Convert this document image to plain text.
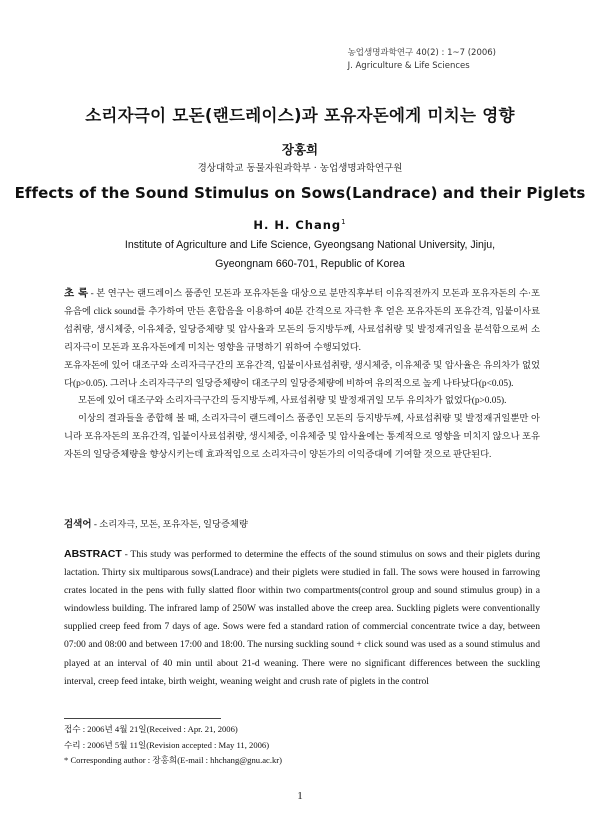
농업생명과학연구 40(2) : 1~7 (2006)
J. Agriculture & Life Sciences
소리자극이 모돈(랜드레이스)과 포유자돈에게 미치는 영향
장홍희
경상대학교 동물자원과학부 · 농업생명과학연구원
Effects of the Sound Stimulus on Sows(Landrace) and their Piglets
H. H. Chang$^1$
Institute of Agriculture and Life Science, Gyeongsang National University, Jinju,
Gyeongnam 660-701, Republic of Korea

초 록 - 본 연구는 랜드레이스 품종인 모돈과 포유자돈을 대상으로 분만직후부터 이유직전까지 모돈과 포유자돈의 수·포유음에 click sound를 추가하여 만든 혼합음을 이용하여 40분 간격으로 자극한 후 얻은 포유자돈의 포유간격, 입붙이사료섭취량, 생시체중, 이유체중, 일당증체량 및 압사율과 모돈의 등지방두께, 사료섭취량 및 발정재귀일을 분석함으로써 소리자극이 모돈과 포유자돈에게 미치는 영향을 규명하기 위하여 수행되었다.

포유자돈에 있어 대조구와 소리자극구간의 포유간격, 입붙이사료섭취량, 생시체중, 이유체중 및 압사율은 유의차가 없었다(p>0.05). 그러나 소리자극구의 일당증체량이 대조구의 일당증체량에 비하여 유의적으로 높게 나타났다(p<0.05).

모돈에 있어 대조구와 소리자극구간의 등지방두께, 사료섭취량 및 발정재귀일 모두 유의차가 없었다(p>0.05).

이상의 결과들을 종합해 볼 때, 소리자극이 랜드레이스 품종인 모돈의 등지방두께, 사료섭취량 및 발정재귀일뿐만 아니라 포유자돈의 포유간격, 입붙이사료섭취량, 생시체중, 이유체중 및 압사율에는 통계적으로 영향을 미치지 않으나 포유자돈의 일당증체량을 향상시키는데 효과적임으로 소리자극이 양돈가의 이익증대에 기여할 것으로 판단된다.

검색어 - 소리자극, 모돈, 포유자돈, 일당증체량

ABSTRACT - This study was performed to determine the effects of the sound stimulus on sows and their piglets during lactation. Thirty six multiparous sows(Landrace) and their piglets were studied in fall. The sows were housed in farrowing crates located in the pens with fully slatted floor within two compartments(control group and sound stimulus group) in a windowless building. The infrared lamp of 250W was installed above the creep area. Suckling piglets were conventionally supplied creep feed from 7 days of age. Sows were fed a standard ration of commercial concentrate twice a day, between 07:00 and 08:00 and between 17:00 and 18:00. The nursing suckling sound + click sound was used as a sound stimulus and played at an interval of 40 min until about 21-d weaning. There were no significant differences between the suckling interval, creep feed intake, birth weight, weaning weight and crush rate of piglets in the control

접수 : 2006년 4월 21일(Received : Apr. 21, 2006)
수리 : 2006년 5월 11일(Revision accepted : May 11, 2006)
* Corresponding author : 장홍희(E-mail : hhchang@gnu.ac.kr)
1
